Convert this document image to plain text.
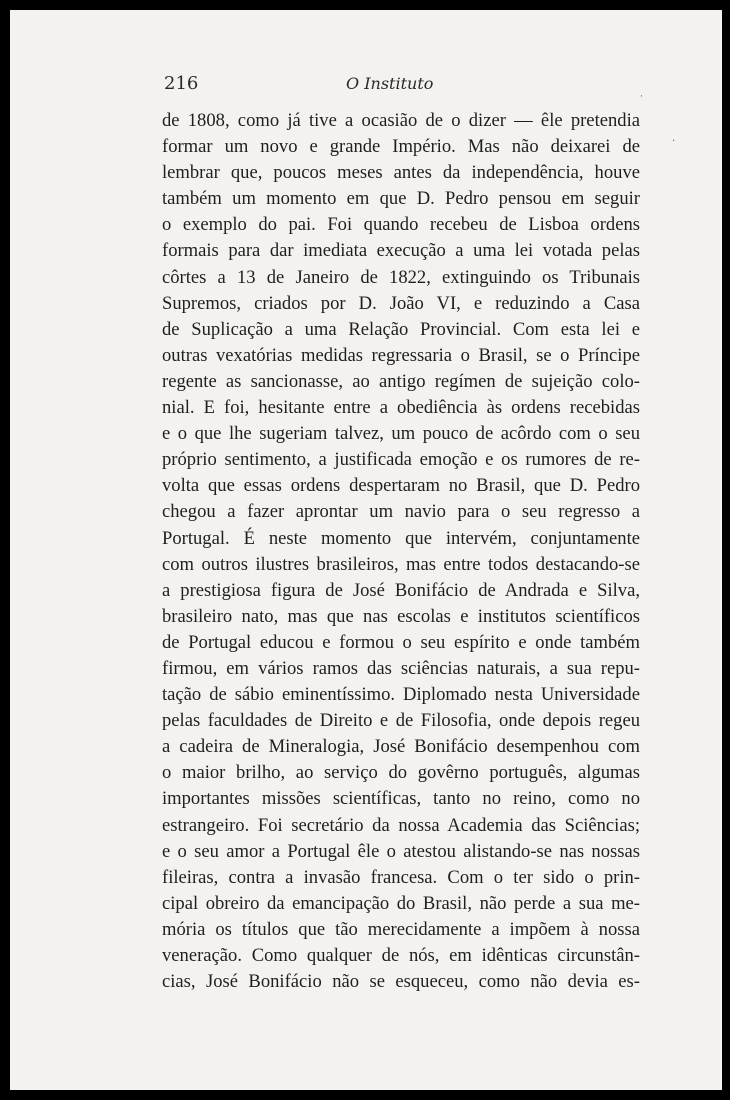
216	O Instituto
·
·
de 1808, como já tive a ocasião de o dizer — êle pretendia
formar um novo e grande Império. Mas não deixarei de
lembrar que, poucos meses antes da independência, houve
também um momento em que D. Pedro pensou em seguir
o exemplo do pai. Foi quando recebeu de Lisboa ordens
formais para dar imediata execução a uma lei votada pelas
côrtes a 13 de Janeiro de 1822, extinguindo os Tribunais
Supremos, criados por D. João VI, e reduzindo a Casa
de Suplicação a uma Relação Provincial. Com esta lei e
outras vexatórias medidas regressaria o Brasil, se o Príncipe
regente as sancionasse, ao antigo regímen de sujeição colo-
nial. E foi, hesitante entre a obediência às ordens recebidas
e o que lhe sugeriam talvez, um pouco de acôrdo com o seu
próprio sentimento, a justificada emoção e os rumores de re-
volta que essas ordens despertaram no Brasil, que D. Pedro
chegou a fazer aprontar um navio para o seu regresso a
Portugal. É neste momento que intervém, conjuntamente
com outros ilustres brasileiros, mas entre todos destacando-se
a prestigiosa figura de José Bonifácio de Andrada e Silva,
brasileiro nato, mas que nas escolas e institutos scientíficos
de Portugal educou e formou o seu espírito e onde também
firmou, em vários ramos das sciências naturais, a sua repu-
tação de sábio eminentíssimo. Diplomado nesta Universidade
pelas faculdades de Direito e de Filosofia, onde depois regeu
a cadeira de Mineralogia, José Bonifácio desempenhou com
o maior brilho, ao serviço do govêrno português, algumas
importantes missões scientíficas, tanto no reino, como no
estrangeiro. Foi secretário da nossa Academia das Sciências;
e o seu amor a Portugal êle o atestou alistando-se nas nossas
fileiras, contra a invasão francesa. Com o ter sido o prin-
cipal obreiro da emancipação do Brasil, não perde a sua me-
mória os títulos que tão merecidamente a impõem à nossa
veneração. Como qualquer de nós, em idênticas circunstân-
cias, José Bonifácio não se esqueceu, como não devia es-
